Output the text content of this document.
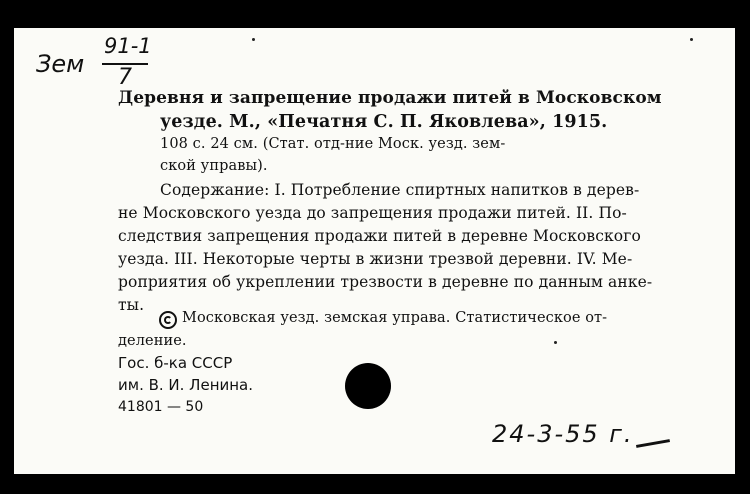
Зем
91-1
7
Деревня и запрещение продажи питей в Московском
уезде. М., «Печатня С. П. Яковлева», 1915.
108 с. 24 см. (Стат. отд-ние Моск. уезд. зем-
ской управы).
Содержание: I. Потребление спиртных напитков в дерев-
не Московского уезда до запрещения продажи питей. II. По-
следствия запрещения продажи питей в деревне Московского
уезда. III. Некоторые черты в жизни трезвой деревни. IV. Ме-
роприятия об укреплении трезвости в деревне по данным анке-
ты.
Московская уезд. земская управа. Статистическое от-
деление.
Гос. б-ка СССР
им. В. И. Ленина.
41801 — 50
24-3-55 г.
